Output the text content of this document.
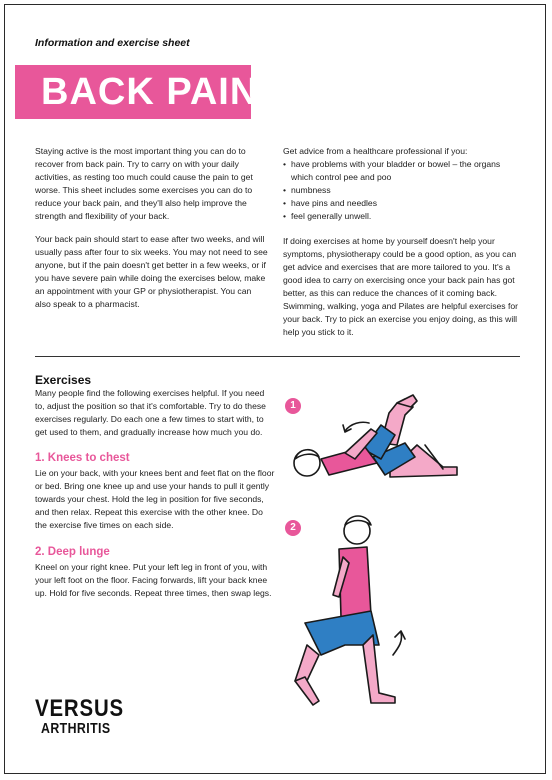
Information and exercise sheet
BACK PAIN

Staying active is the most important thing you can do to recover from back pain. Try to carry on with your daily activities, as resting too much could cause the pain to get worse. This sheet includes some exercises you can do to reduce your back pain, and they'll also help improve the strength and flexibility of your back.

Your back pain should start to ease after two weeks, and will usually pass after four to six weeks. You may not need to see anyone, but if the pain doesn't get better in a few weeks, or if you have severe pain while doing the exercises below, make an appointment with your GP or physiotherapist. You can also speak to a pharmacist.

Get advice from a healthcare professional if you:
• have problems with your bladder or bowel – the organs which control pee and poo
• numbness
• have pins and needles
• feel generally unwell.

If doing exercises at home by yourself doesn't help your symptoms, physiotherapy could be a good option, as you can get advice and exercises that are more tailored to you. It's a good idea to carry on exercising once your back pain has got better, as this can reduce the chances of it coming back. Swimming, walking, yoga and Pilates are helpful exercises for your back. Try to pick an exercise you enjoy doing, as this will help you stick to it.

Exercises

Many people find the following exercises helpful. If you need to, adjust the position so that it's comfortable. Try to do these exercises regularly. Do each one a few times to start with, to get used to them, and gradually increase how much you do.

1. Knees to chest

Lie on your back, with your knees bent and feet flat on the floor or bed. Bring one knee up and use your hands to pull it gently towards your chest. Hold the leg in position for five seconds, and then relax. Repeat this exercise with the other knee. Do the exercise five times on each side.

2. Deep lunge

Kneel on your right knee. Put your left leg in front of you, with your left foot on the floor. Facing forwards, lift your back knee up. Hold for five seconds. Repeat three times, then swap legs.

1
2
VERSUS
ARTHRITIS
